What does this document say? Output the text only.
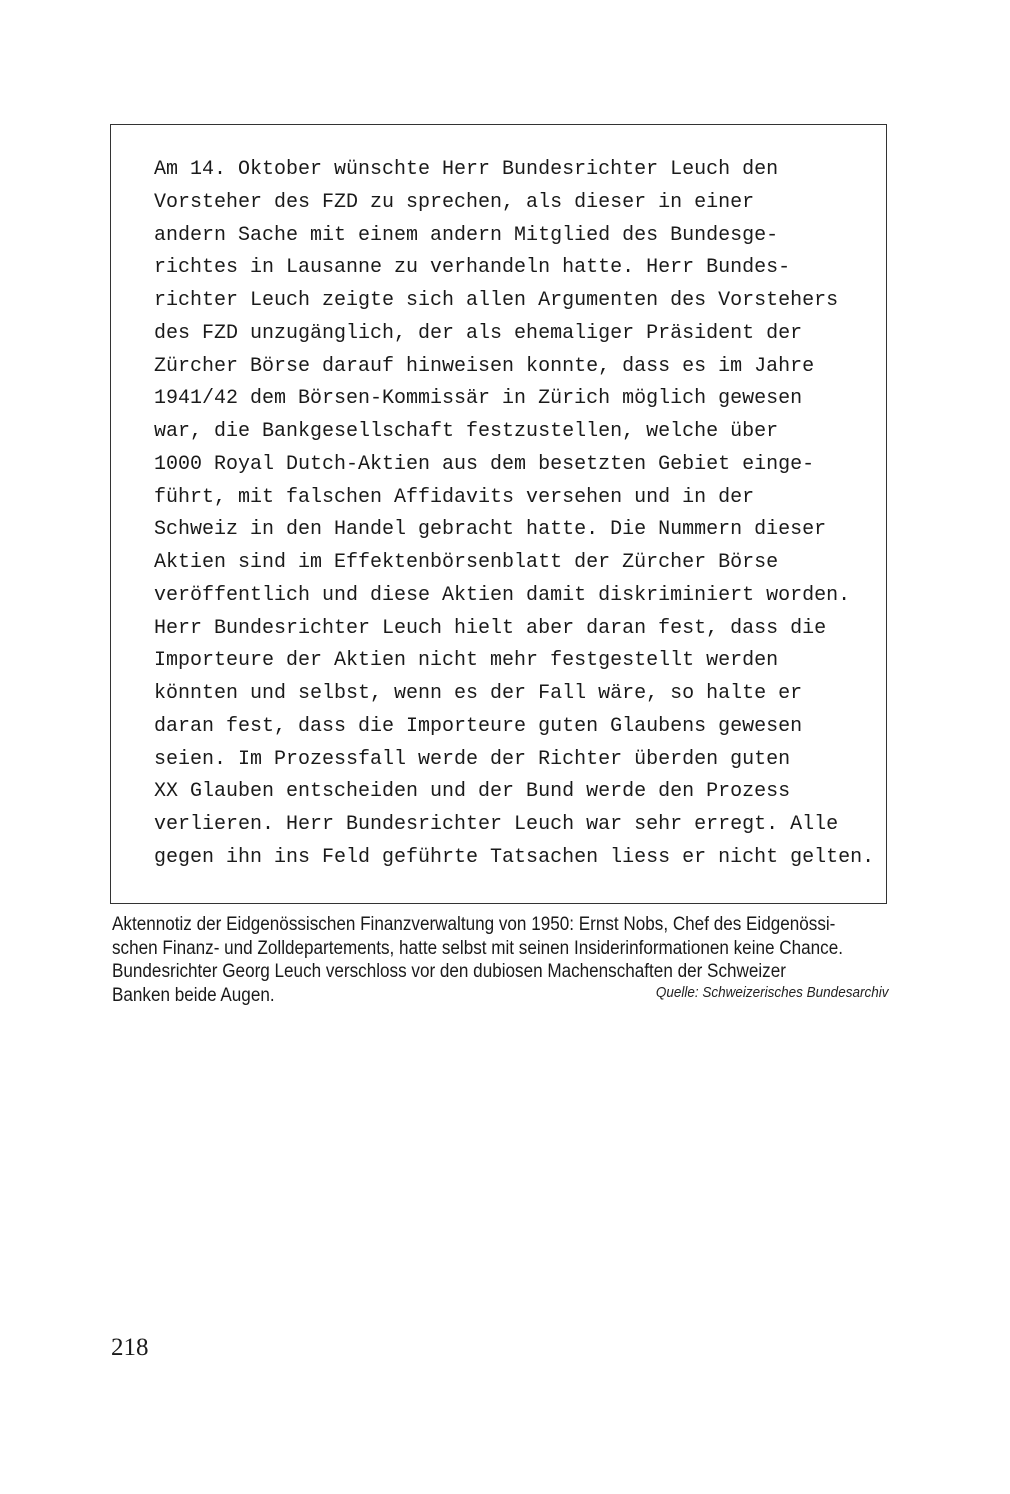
Am 14. Oktober wünschte Herr Bundesrichter Leuch den
Vorsteher des FZD zu sprechen, als dieser in einer
andern Sache mit einem andern Mitglied des Bundesge-
richtes in Lausanne zu verhandeln hatte. Herr Bundes-
richter Leuch zeigte sich allen Argumenten des Vorstehers
des FZD unzugänglich, der als ehemaliger Präsident der
Zürcher Börse darauf hinweisen konnte, dass es im Jahre
1941/42 dem Börsen-Kommissär in Zürich möglich gewesen
war, die Bankgesellschaft festzustellen, welche über
1000 Royal Dutch-Aktien aus dem besetzten Gebiet einge-
führt, mit falschen Affidavits versehen und in der
Schweiz in den Handel gebracht hatte. Die Nummern dieser
Aktien sind im Effektenbörsenblatt der Zürcher Börse
veröffentlich und diese Aktien damit diskriminiert worden.
Herr Bundesrichter Leuch hielt aber daran fest, dass die
Importeure der Aktien nicht mehr festgestellt werden
könnten und selbst, wenn es der Fall wäre, so halte er
daran fest, dass die Importeure guten Glaubens gewesen
seien. Im Prozessfall werde der Richter überden guten
XX Glauben entscheiden und der Bund werde den Prozess
verlieren. Herr Bundesrichter Leuch war sehr erregt. Alle
gegen ihn ins Feld geführte Tatsachen liess er nicht gelten.
Aktennotiz der Eidgenössischen Finanzverwaltung von 1950: Ernst Nobs, Chef des Eidgenössi-
schen Finanz- und Zolldepartements, hatte selbst mit seinen Insiderinformationen keine Chance.
Bundesrichter Georg Leuch verschloss vor den dubiosen Machenschaften der Schweizer
Banken beide Augen.	Quelle: Schweizerisches Bundesarchiv
218
